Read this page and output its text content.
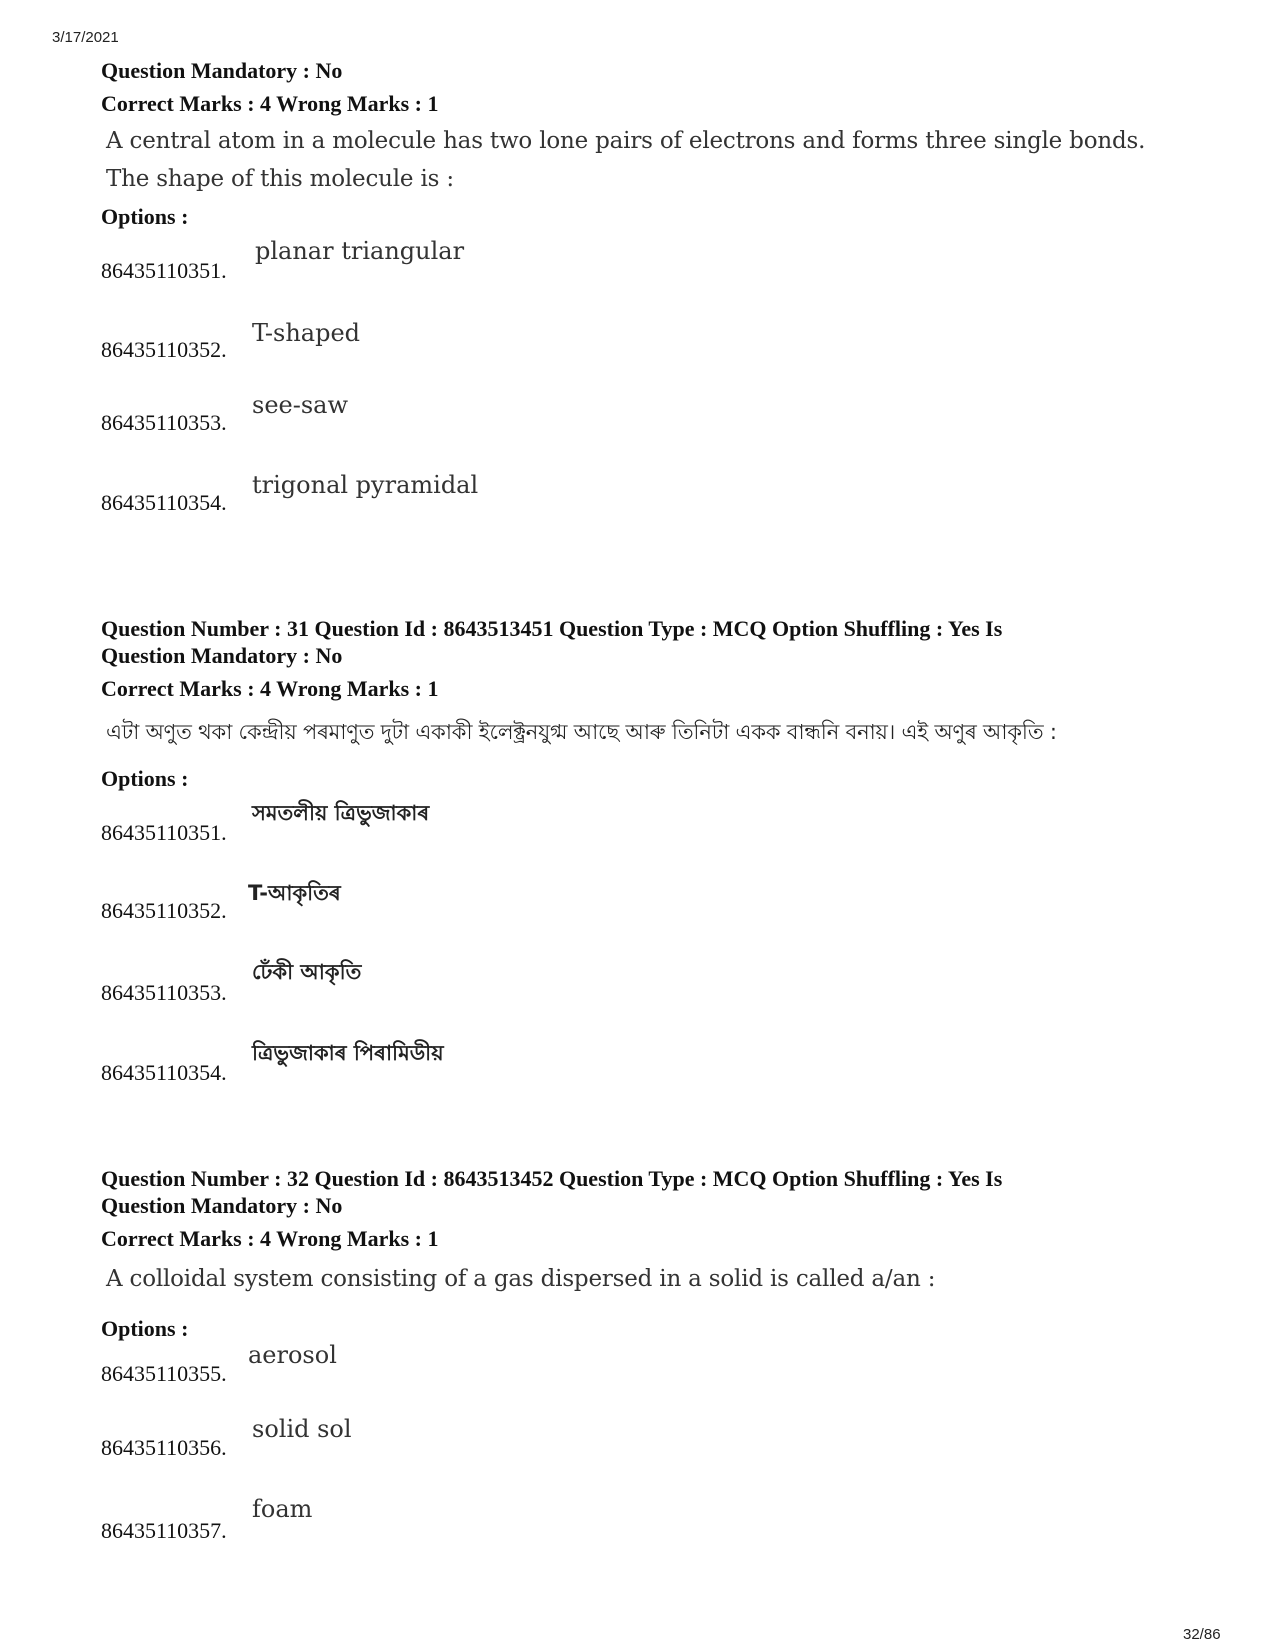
3/17/2021
Question Mandatory : No
Correct Marks : 4 Wrong Marks : 1
A central atom in a molecule has two lone pairs of electrons and forms three single bonds.
The shape of this molecule is :
Options :
86435110351.
planar triangular
86435110352.
T-shaped
86435110353.
see-saw
86435110354.
trigonal pyramidal
Question Number : 31 Question Id : 8643513451 Question Type : MCQ Option Shuffling : Yes Is
Question Mandatory : No
Correct Marks : 4 Wrong Marks : 1
এটা অণুত থকা কেন্দ্ৰীয় পৰমাণুত দুটা একাকী ইলেক্ট্ৰনযুগ্ম আছে আৰু তিনিটা একক বান্ধনি বনায়। এই অণুৰ আকৃতি :
Options :
86435110351.
সমতলীয় ত্ৰিভুজাকাৰ
86435110352.
T-আকৃতিৰ
86435110353.
ঢেঁকী আকৃতি
86435110354.
ত্ৰিভুজাকাৰ পিৰামিডীয়
Question Number : 32 Question Id : 8643513452 Question Type : MCQ Option Shuffling : Yes Is
Question Mandatory : No
Correct Marks : 4 Wrong Marks : 1
A colloidal system consisting of a gas dispersed in a solid is called a/an :
Options :
86435110355.
aerosol
86435110356.
solid sol
86435110357.
foam
32/86
